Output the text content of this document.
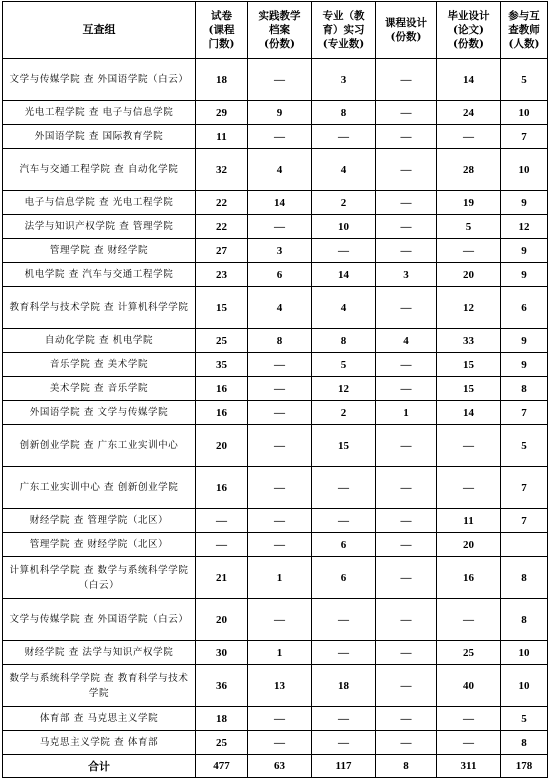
互查组	试卷
(课程
门数)	实践教学
档案
(份数)	专业（教
育）实习
(专业数)	课程设计
(份数)	毕业设计
(论文)
(份数)	参与互
查教师
(人数)

文学与传媒学院 查 外国语学院（白云）	18	—	3	—	14	5
光电工程学院 查 电子与信息学院	29	9	8	—	24	10
外国语学院 查 国际教育学院	11	—	—	—	—	7
汽车与交通工程学院 查 自动化学院	32	4	4	—	28	10
电子与信息学院 查 光电工程学院	22	14	2	—	19	9
法学与知识产权学院 查 管理学院	22	—	10	—	5	12
管理学院 查 财经学院	27	3	—	—	—	9
机电学院 查 汽车与交通工程学院	23	6	14	3	20	9
教育科学与技术学院 查 计算机科学学院	15	4	4	—	12	6
自动化学院 查 机电学院	25	8	8	4	33	9
音乐学院 查 美术学院	35	—	5	—	15	9
美术学院 查 音乐学院	16	—	12	—	15	8
外国语学院 查 文学与传媒学院	16	—	2	1	14	7
创新创业学院 查 广东工业实训中心	20	—	15	—	—	5
广东工业实训中心 查 创新创业学院	16	—	—	—	—	7
财经学院 查 管理学院（北区）	—	—	—	—	11	7
管理学院 查 财经学院（北区）	—	—	6	—	20	
计算机科学学院 查 数学与系统科学学院（白云）	21	1	6	—	16	8
文学与传媒学院 查 外国语学院（白云）	20	—	—	—	—	8
财经学院 查 法学与知识产权学院	30	1	—	—	25	10
数学与系统科学学院 查 教育科学与技术学院	36	13	18	—	40	10
体育部 查 马克思主义学院	18	—	—	—	—	5
马克思主义学院 查 体育部	25	—	—	—	—	8
合计	477	63	117	8	311	178
